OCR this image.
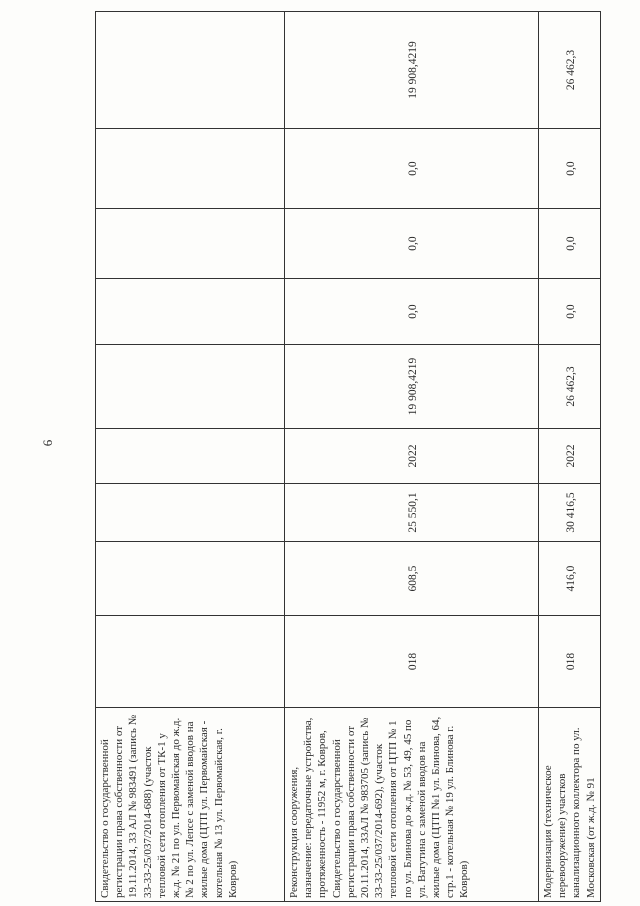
6
Свидетельство о государственной регистрации права собственности от 19.11.2014, 33 АЛ № 983491 (запись № 33-33-25/037/2014-688) (участок тепловой сети отопления от ТК-1 у ж.д. № 21 по ул. Первомайская до ж.д. № 2 по ул. Лепсе с заменой вводов на жилые дома (ЦТП ул. Первомайская - котельная № 13 ул. Первомайская, г. Ковров)									
Реконструкция сооружения, назначение: передаточные устройства, протяженность - 11952 м, г. Ковров, Свидетельство о государственной регистрации права собственности от 20.11.2014, 33АЛ № 983705 (запись № 33-33-25/037/2014-692), (участок тепловой сети отопления от ЦТП № 1 по ул. Блинова до ж.д. № 53, 49, 45 по ул. Ватутина с заменой вводов на жилые дома (ЦТП №1 ул. Блинова, 64, стр.1 - котельная № 19 ул. Блинова г. Ковров)	018	608,5	25 550,1	2022	19 908,4219	0,0	0,0	0,0	19 908,4219
Модернизация (техническое перевооружение) участков канализационного коллектора по ул. Московская (от ж.д. № 91	018	416,0	30 416,5	2022	26 462,3	0,0	0,0	0,0	26 462,3
